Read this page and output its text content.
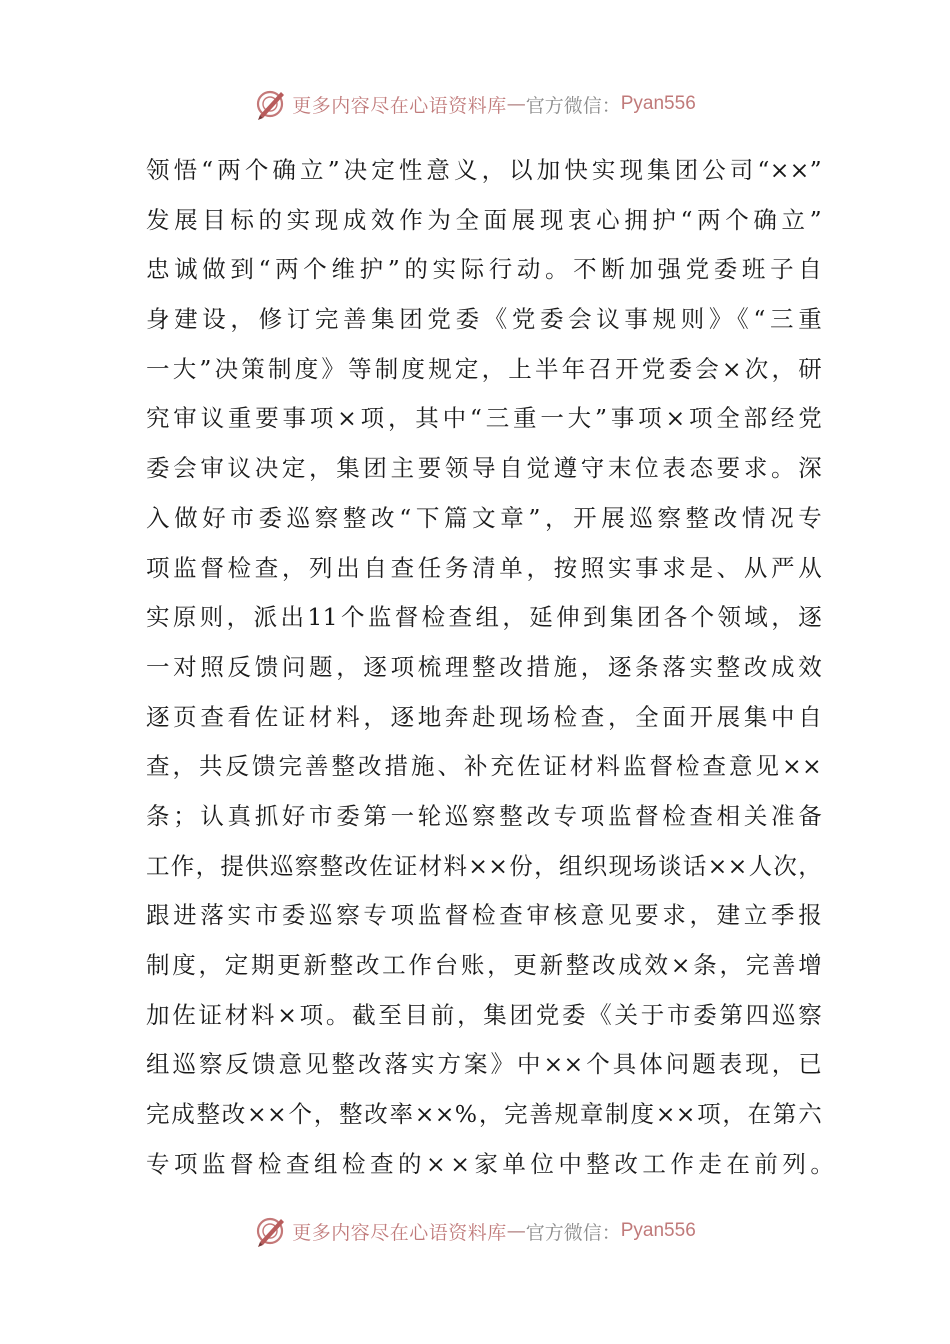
更多内容尽在心语资料库 — 官方微信： Pyan556
领悟“两个确立”决定性意义，以加快实现集团公司“××”
发展目标的实现成效作为全面展现衷心拥护“两个确立”
忠诚做到“两个维护”的实际行动。不断加强党委班子自
身建设，修订完善集团党委《党委会议事规则》《“三重
一大”决策制度》等制度规定，上半年召开党委会×次，研
究审议重要事项×项，其中“三重一大”事项×项全部经党
委会审议决定，集团主要领导自觉遵守末位表态要求。深
入做好市委巡察整改“下篇文章”，开展巡察整改情况专
项监督检查，列出自查任务清单，按照实事求是、从严从
实原则，派出11个监督检查组，延伸到集团各个领域，逐
一对照反馈问题，逐项梳理整改措施，逐条落实整改成效
逐页查看佐证材料，逐地奔赴现场检查，全面开展集中自
查，共反馈完善整改措施、补充佐证材料监督检查意见××
条；认真抓好市委第一轮巡察整改专项监督检查相关准备
工作，提供巡察整改佐证材料××份，组织现场谈话××人次，
跟进落实市委巡察专项监督检查审核意见要求，建立季报
制度，定期更新整改工作台账，更新整改成效×条，完善增
加佐证材料×项。截至目前，集团党委《关于市委第四巡察
组巡察反馈意见整改落实方案》中××个具体问题表现，已
完成整改××个，整改率××%，完善规章制度××项，在第六
专项监督检查组检查的××家单位中整改工作走在前列。
更多内容尽在心语资料库 — 官方微信： Pyan556
